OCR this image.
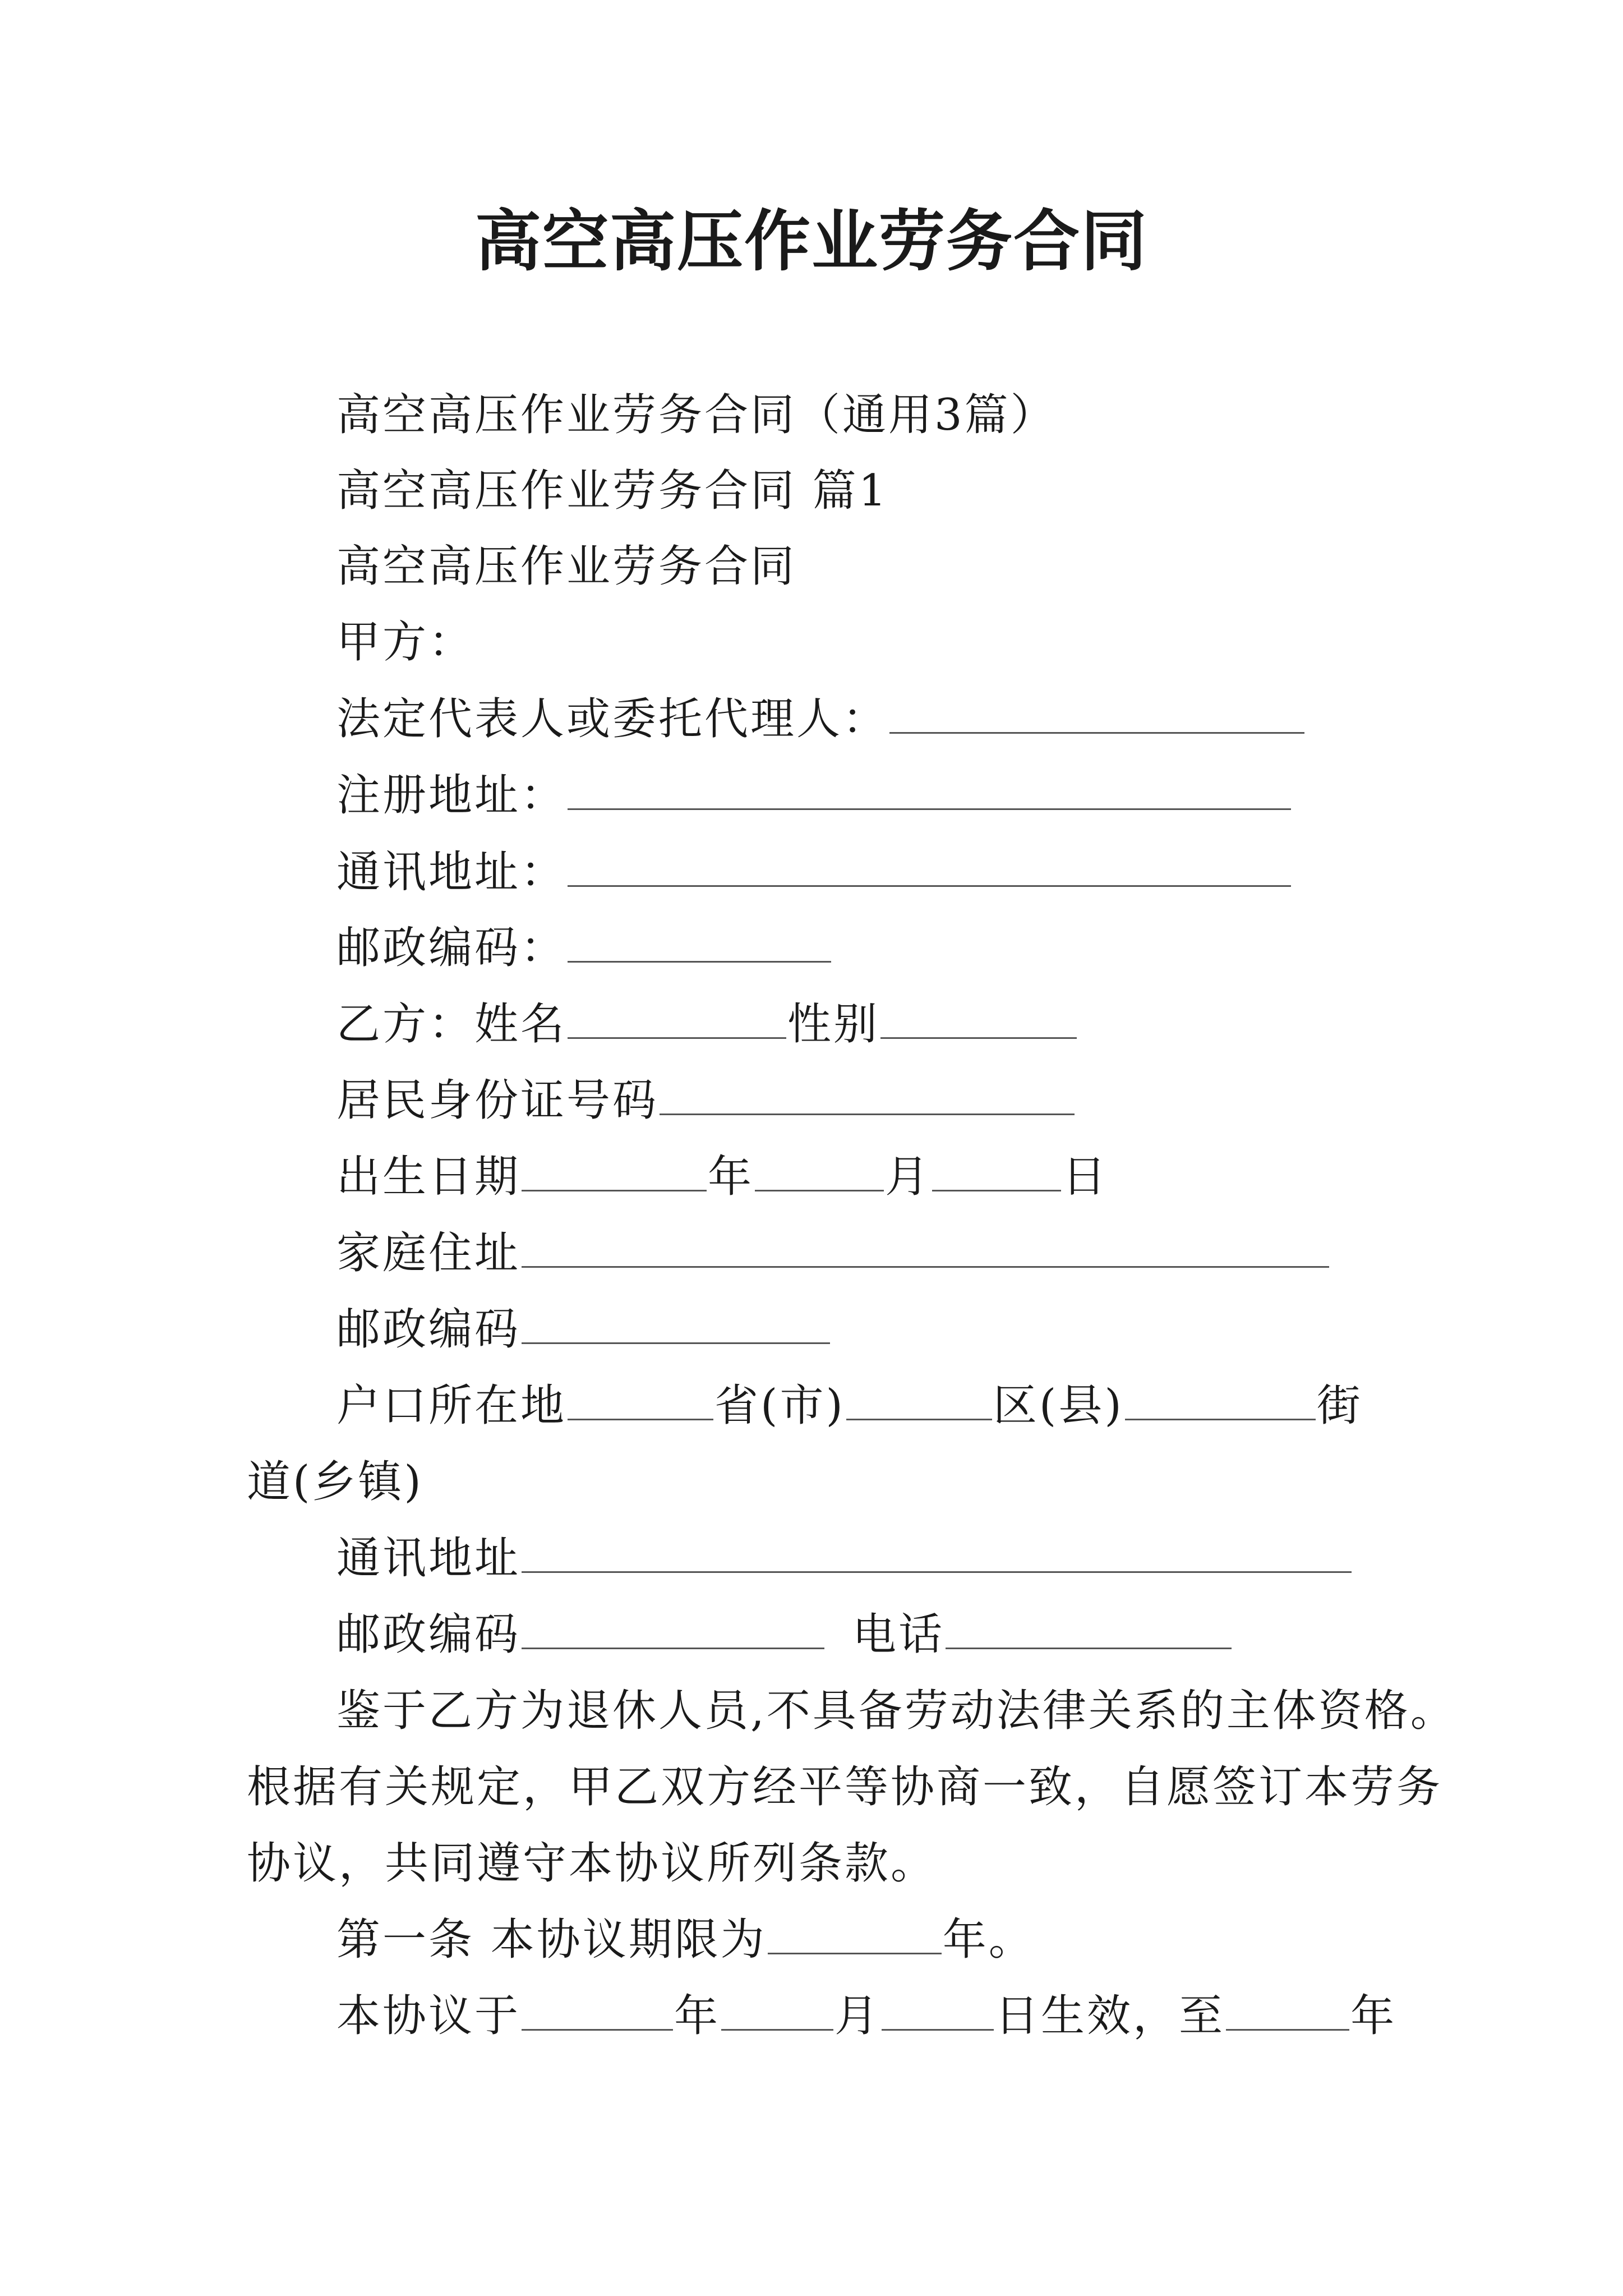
高空高压作业劳务合同
高空高压作业劳务合同（通用3篇）
高空高压作业劳务合同 篇1
高空高压作业劳务合同
甲方：
法定代表人或委托代理人：
注册地址：
通讯地址：
邮政编码：
乙方：姓名	性别
居民身份证号码
出生日期	年	月	日
家庭住址
邮政编码
户口所在地	省(市)	区(县)	街
道(乡镇)
通讯地址
邮政编码	电话
鉴于乙方为退休人员,不具备劳动法律关系的主体资格。
根据有关规定，甲乙双方经平等协商一致，自愿签订本劳务
协议，共同遵守本协议所列条款。
第一条 本协议期限为	年。
本协议于	年	月	日生效，至	年
